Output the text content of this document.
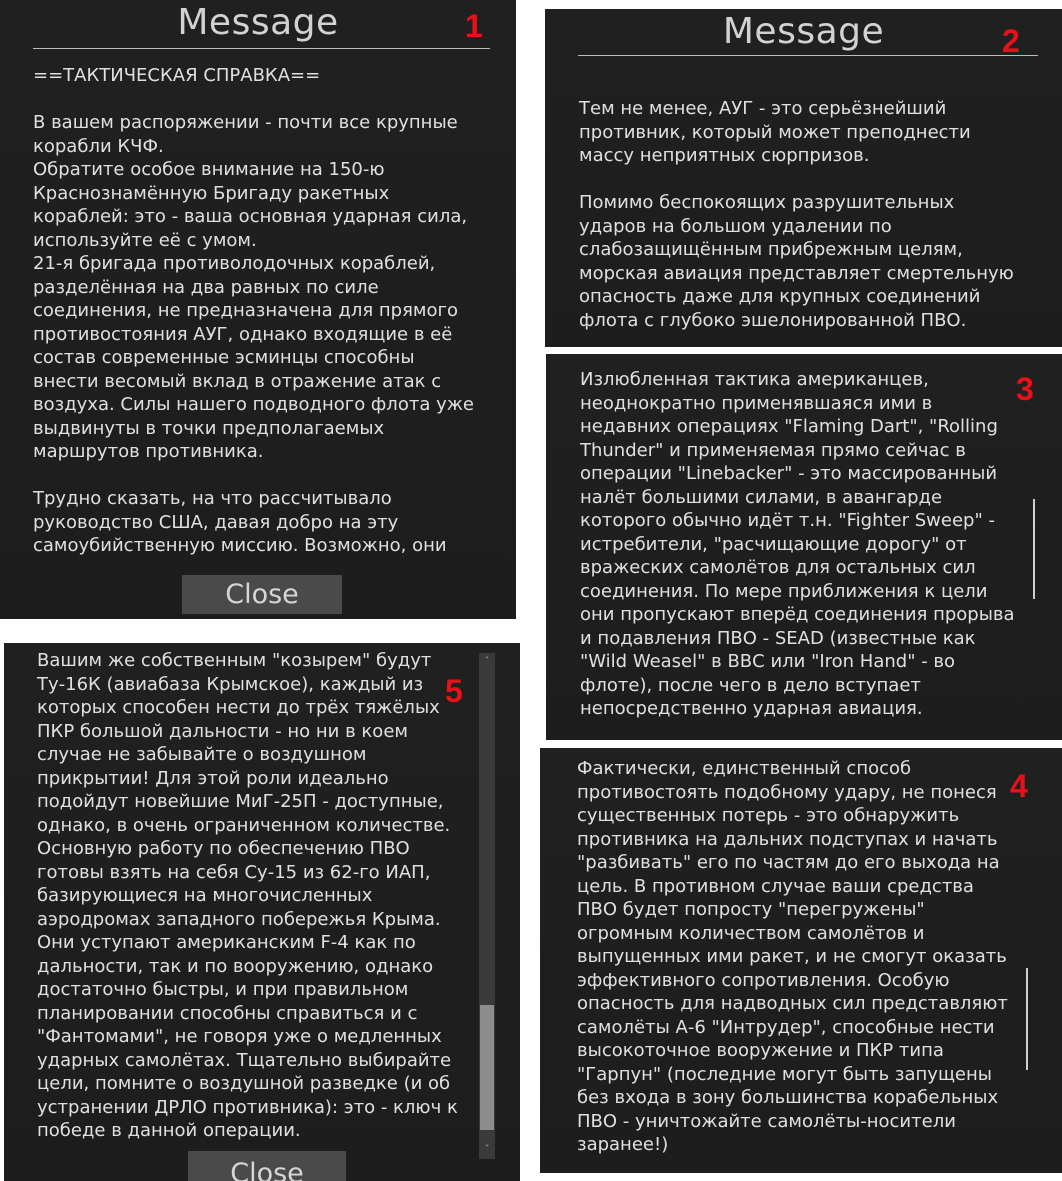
Message	1
==ТАКТИЧЕСКАЯ СПРАВКА==

В вашем распоряжении - почти все крупные
корабли КЧФ.
Обратите особое внимание на 150-ю
Краснознамённую Бригаду ракетных
кораблей: это - ваша основная ударная сила,
используйте её с умом.
21-я бригада противолодочных кораблей,
разделённая на два равных по силе
соединения, не предназначена для прямого
противостояния АУГ, однако входящие в её
состав современные эсминцы способны
внести весомый вклад в отражение атак с
воздуха. Силы нашего подводного флота уже
выдвинуты в точки предполагаемых
маршрутов противника.

Трудно сказать, на что рассчитывало
руководство США, давая добро на эту
самоубийственную миссию. Возможно, они
Close
Message	2
Тем не менее, АУГ - это серьёзнейший
противник, который может преподнести
массу неприятных сюрпризов.

Помимо беспокоящих разрушительных
ударов на большом удалении по
слабозащищённым прибрежным целям,
морская авиация представляет смертельную
опасность даже для крупных соединений
флота с глубоко эшелонированной ПВО.
3
Излюбленная тактика американцев,
неоднократно применявшаяся ими в
недавних операциях "Flaming Dart", "Rolling
Thunder" и применяемая прямо сейчас в
операции "Linebacker" - это массированный
налёт большими силами, в авангарде
которого обычно идёт т.н. "Fighter Sweep" -
истребители, "расчищающие дорогу" от
вражеских самолётов для остальных сил
соединения. По мере приближения к цели
они пропускают вперёд соединения прорыва
и подавления ПВО - SEAD (известные как
"Wild Weasel" в ВВС или "Iron Hand" - во
флоте), после чего в дело вступает
непосредственно ударная авиация.
4
Фактически, единственный способ
противостоять подобному удару, не понеся
существенных потерь - это обнаружить
противника на дальних подступах и начать
"разбивать" его по частям до его выхода на
цель. В противном случае ваши средства
ПВО будет попросту "перегружены"
огромным количеством самолётов и
выпущенных ими ракет, и не смогут оказать
эффективного сопротивления. Особую
опасность для надводных сил представляют
самолёты А-6 "Интрудер", способные нести
высокоточное вооружение и ПКР типа
"Гарпун" (последние могут быть запущены
без входа в зону большинства корабельных
ПВО - уничтожайте самолёты-носители
заранее!)
5
Вашим же собственным "козырем" будут
Ту-16К (авиабаза Крымское), каждый из
которых способен нести до трёх тяжёлых
ПКР большой дальности - но ни в коем
случае не забывайте о воздушном
прикрытии! Для этой роли идеально
подойдут новейшие МиГ-25П - доступные,
однако, в очень ограниченном количестве.
Основную работу по обеспечению ПВО
готовы взять на себя Су-15 из 62-го ИАП,
базирующиеся на многочисленных
аэродромах западного побережья Крыма.
Они уступают американским F-4 как по
дальности, так и по вооружению, однако
достаточно быстры, и при правильном
планировании способны справиться и с
"Фантомами", не говоря уже о медленных
ударных самолётах. Тщательно выбирайте
цели, помните о воздушной разведке (и об
устранении ДРЛО противника): это - ключ к
победе в данной операции.
˄
˅
Close
